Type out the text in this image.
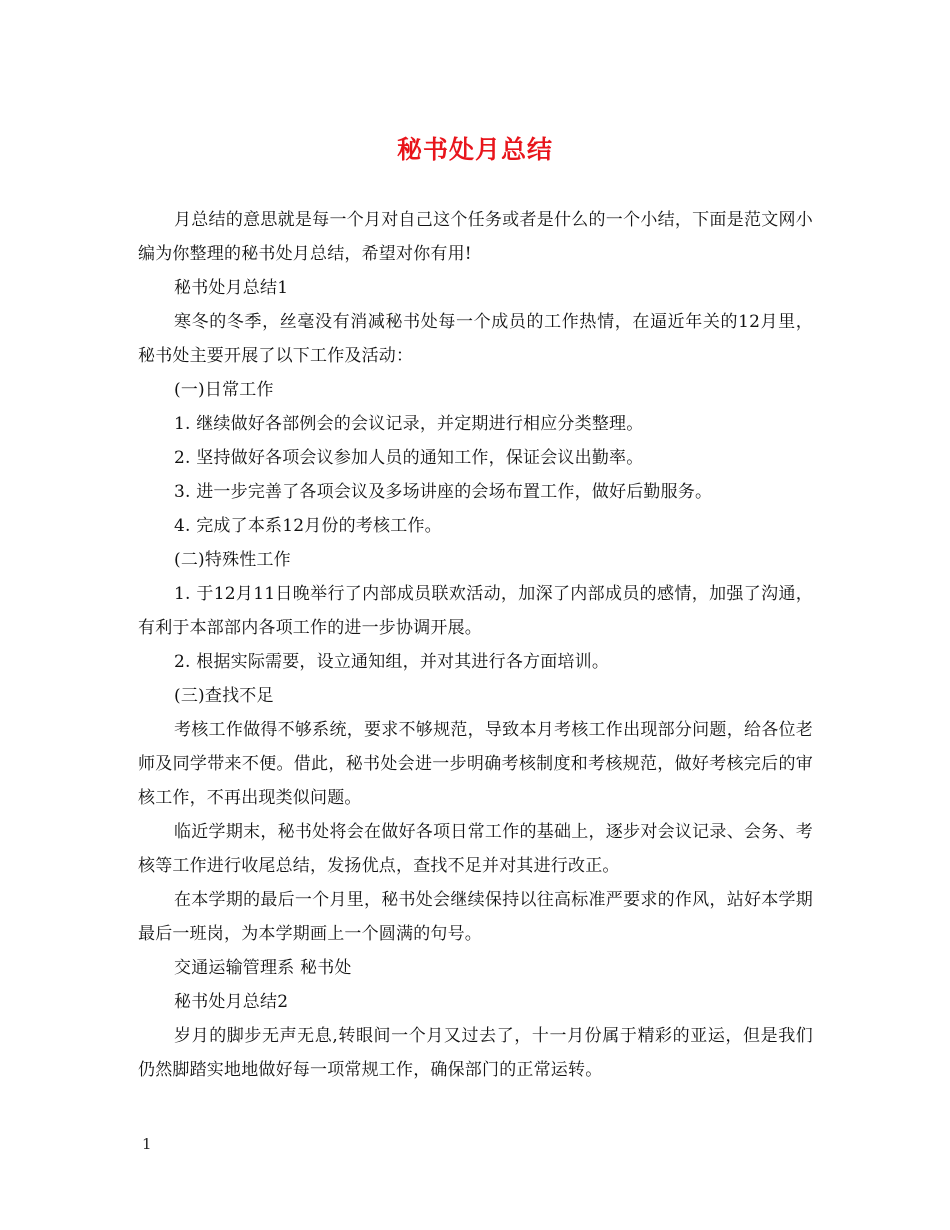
秘书处月总结

月总结的意思就是每一个月对自己这个任务或者是什么的一个小结，下面是范文网小编为你整理的秘书处月总结，希望对你有用!

秘书处月总结1

寒冬的冬季，丝毫没有消减秘书处每一个成员的工作热情，在逼近年关的12月里，秘书处主要开展了以下工作及活动：

(一)日常工作

1. 继续做好各部例会的会议记录，并定期进行相应分类整理。

2. 坚持做好各项会议参加人员的通知工作，保证会议出勤率。

3. 进一步完善了各项会议及多场讲座的会场布置工作，做好后勤服务。

4. 完成了本系12月份的考核工作。

(二)特殊性工作

1. 于12月11日晚举行了内部成员联欢活动，加深了内部成员的感情，加强了沟通，有利于本部部内各项工作的进一步协调开展。

2. 根据实际需要，设立通知组，并对其进行各方面培训。

(三)查找不足

考核工作做得不够系统，要求不够规范，导致本月考核工作出现部分问题，给各位老师及同学带来不便。借此，秘书处会进一步明确考核制度和考核规范，做好考核完后的审核工作，不再出现类似问题。

临近学期末，秘书处将会在做好各项日常工作的基础上，逐步对会议记录、会务、考核等工作进行收尾总结，发扬优点，查找不足并对其进行改正。

在本学期的最后一个月里，秘书处会继续保持以往高标准严要求的作风，站好本学期最后一班岗，为本学期画上一个圆满的句号。

交通运输管理系 秘书处

秘书处月总结2

岁月的脚步无声无息,转眼间一个月又过去了，十一月份属于精彩的亚运，但是我们仍然脚踏实地地做好每一项常规工作，确保部门的正常运转。

1
